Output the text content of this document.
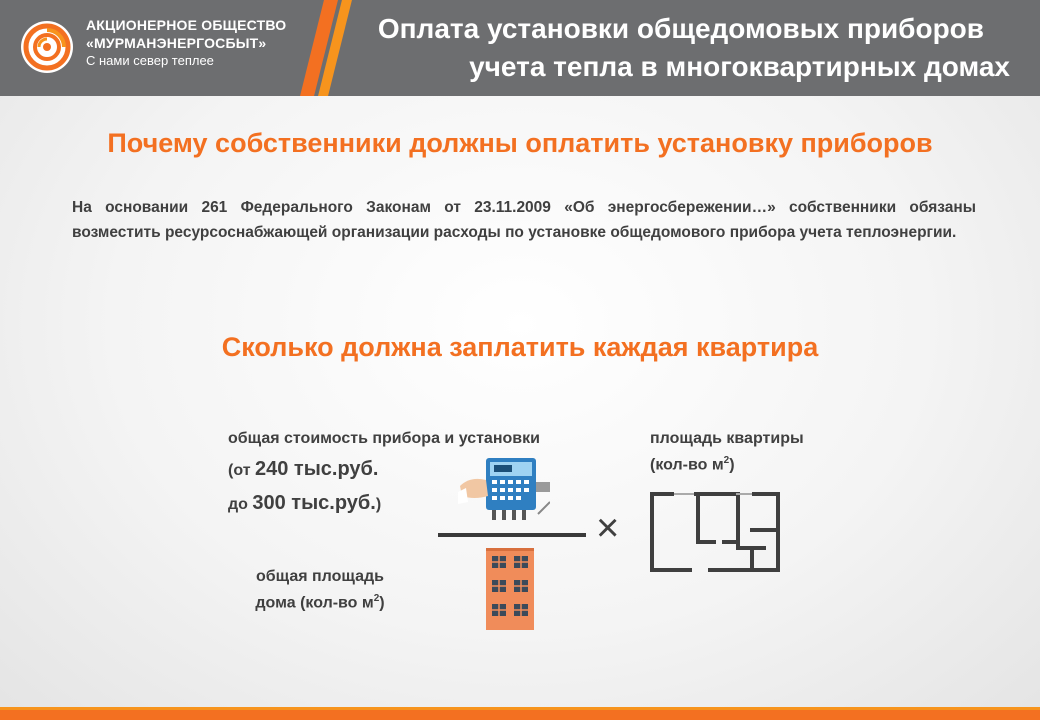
АКЦИОНЕРНОЕ ОБЩЕСТВО
«МУРМАНЭНЕРГОСБЫТ»
С нами север теплее
Оплата установки общедомовых приборов
учета тепла в многоквартирных домах
Почему собственники должны оплатить установку приборов
На основании 261 Федерального Законам от 23.11.2009 «Об энергосбережении…» собственники обязаны возместить ресурсоснабжающей организации расходы по установке общедомового прибора учета теплоэнергии.
Сколько должна заплатить каждая квартира
общая стоимость прибора и установки
(от 240 тыс.руб.
до 300 тыс.руб.)
×
общая площадь
дома (кол-во $м^2$)
площадь квартиры
(кол-во $м^2$)
